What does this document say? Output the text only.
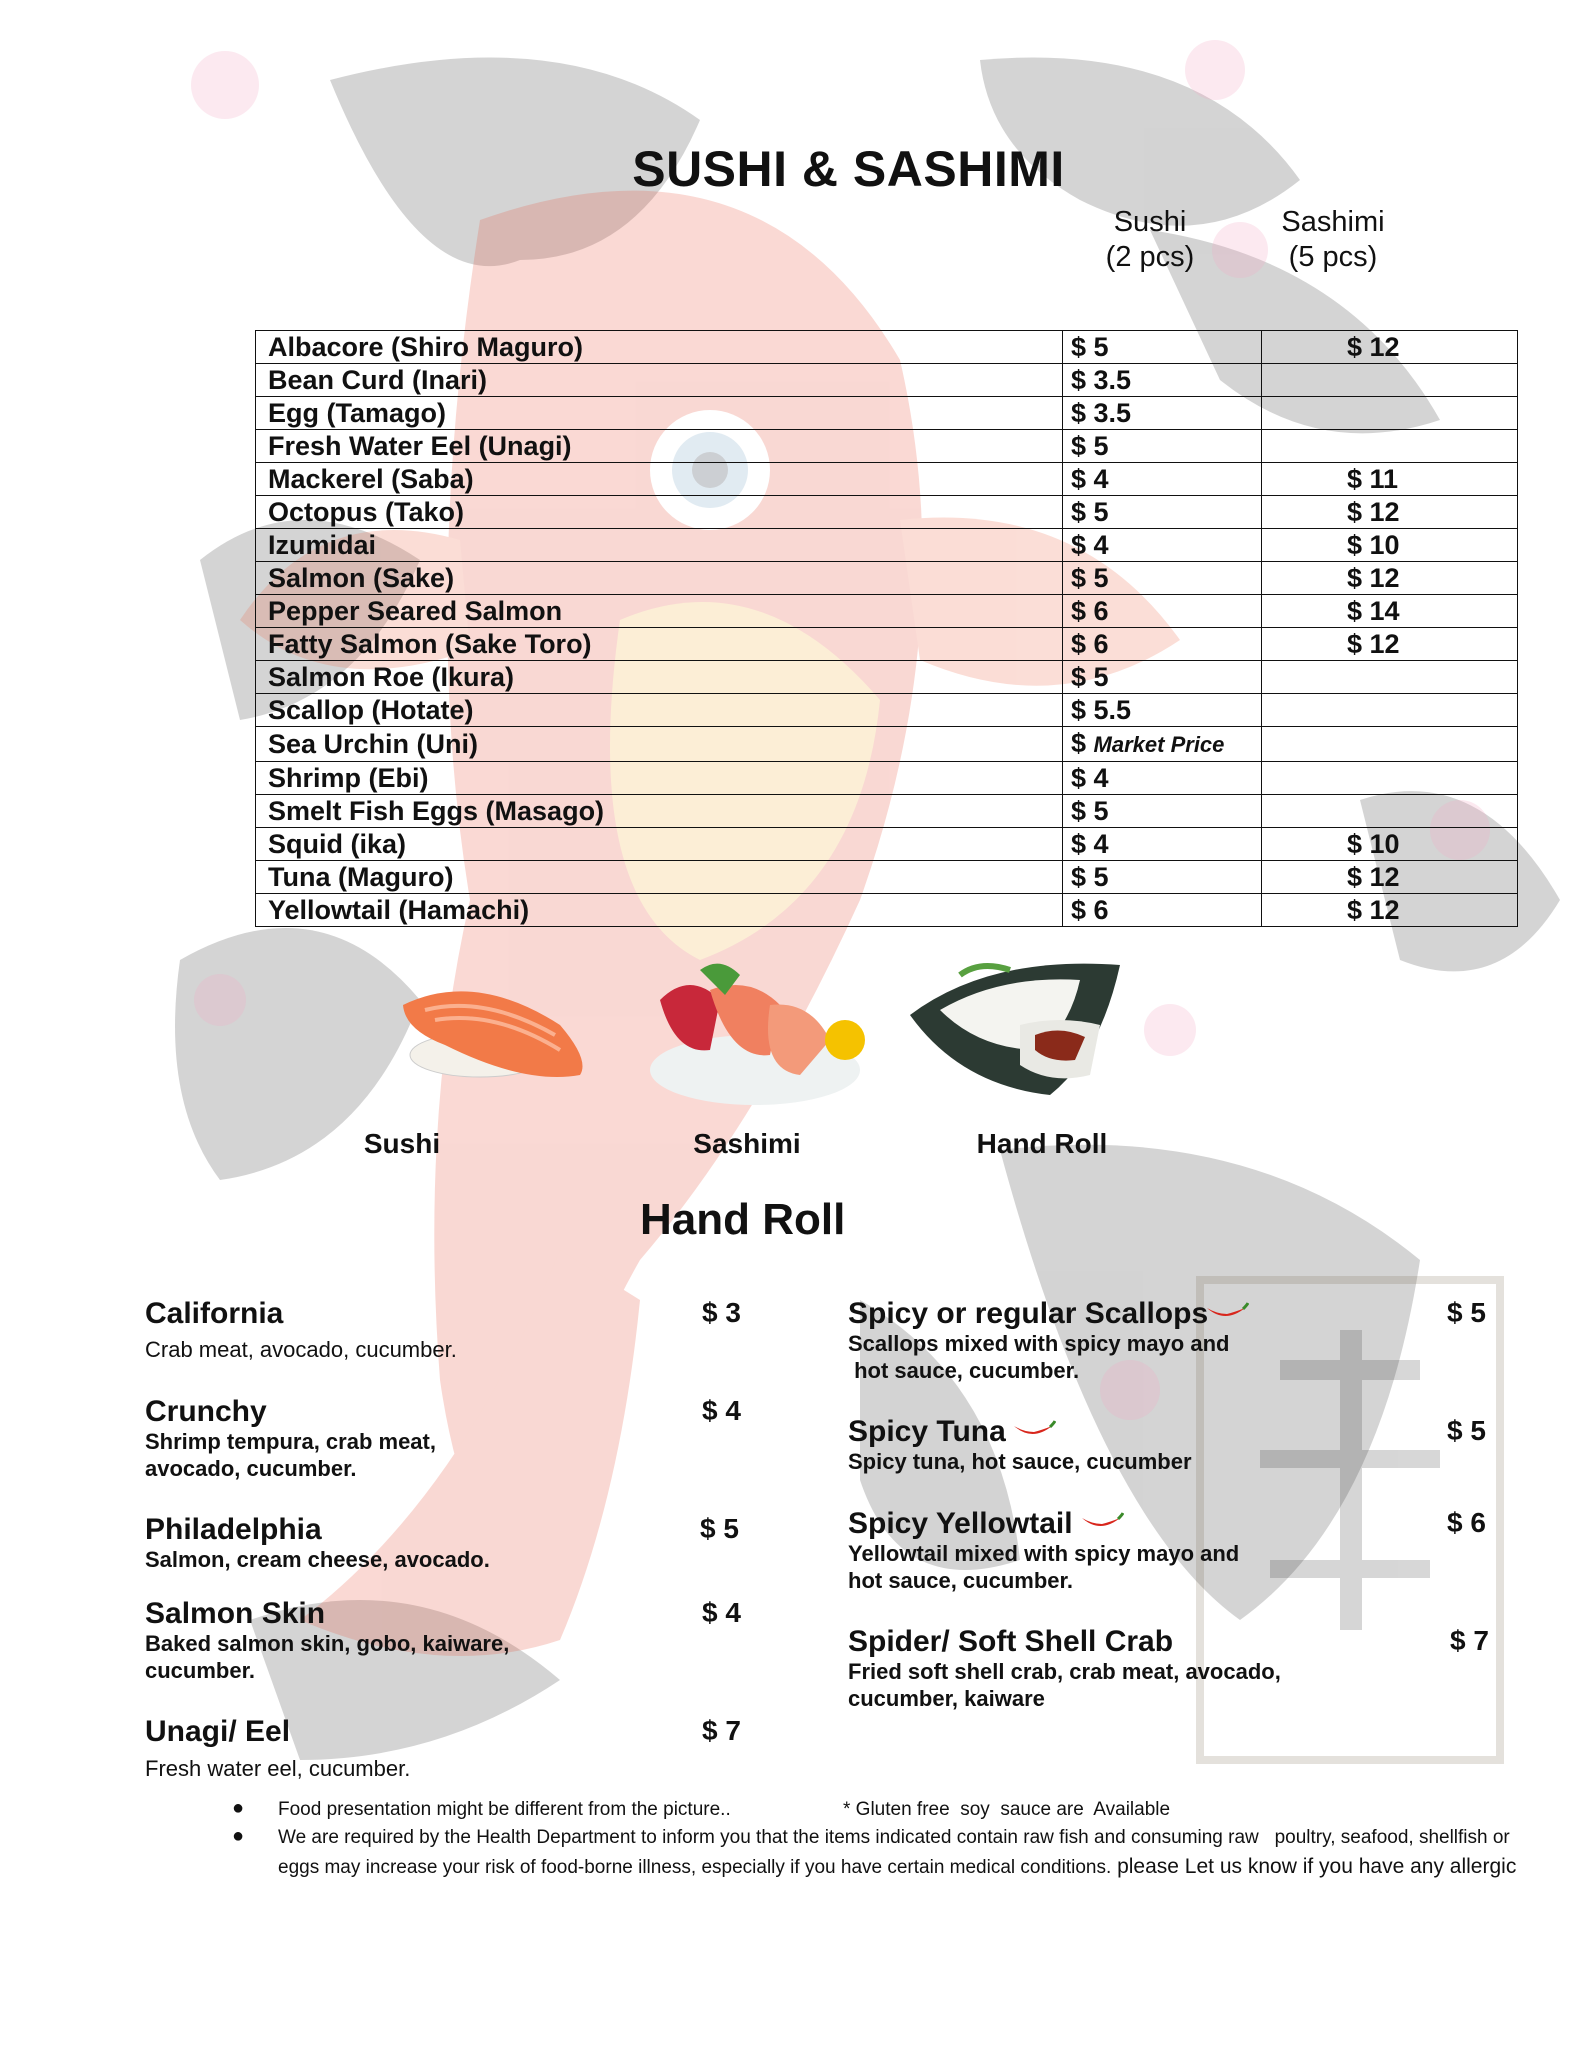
SUSHI & SASHIMI
Sushi
(2 pcs)
Sashimi
(5 pcs)
Albacore (Shiro Maguro)	$ 5	$ 12
Bean Curd (Inari)	$ 3.5	
Egg (Tamago)	$ 3.5	
Fresh Water Eel (Unagi)	$ 5	
Mackerel (Saba)	$ 4	$ 11
Octopus (Tako)	$ 5	$ 12
Izumidai	$ 4	$ 10
Salmon (Sake)	$ 5	$ 12
Pepper Seared Salmon	$ 6	$ 14
Fatty Salmon (Sake Toro)	$ 6	$ 12
Salmon Roe (Ikura)	$ 5	
Scallop (Hotate)	$ 5.5	
Sea Urchin (Uni)	$ Market Price	
Shrimp (Ebi)	$ 4	
Smelt Fish Eggs (Masago)	$ 5	
Squid (ika)	$ 4	$ 10
Tuna (Maguro)	$ 5	$ 12
Yellowtail (Hamachi)	$ 6	$ 12
Sushi	Sashimi	Hand Roll
Hand Roll
California	$ 3
Crab meat, avocado, cucumber.
Crunchy	$ 4
Shrimp tempura, crab meat,
avocado, cucumber.
Philadelphia	$ 5
Salmon, cream cheese, avocado.
Salmon Skin	$ 4
Baked salmon skin, gobo, kaiware,
cucumber.
Unagi/ Eel	$ 7
Fresh water eel, cucumber.
Spicy or regular Scallops	$ 5
Scallops mixed with spicy mayo and
hot sauce, cucumber.
Spicy Tuna	$ 5
Spicy tuna, hot sauce, cucumber
Spicy Yellowtail	$ 6
Yellowtail mixed with spicy mayo and
hot sauce, cucumber.
Spider/ Soft Shell Crab	$ 7
Fried soft shell crab, crab meat, avocado,
cucumber, kaiware
● Food presentation might be different from the picture..	* Gluten free  soy  sauce are  Available
● We are required by the Health Department to inform you that the items indicated contain raw fish and consuming raw   poultry, seafood, shellfish or
eggs may increase your risk of food-borne illness, especially if you have certain medical conditions. please Let us know if you have any allergic
